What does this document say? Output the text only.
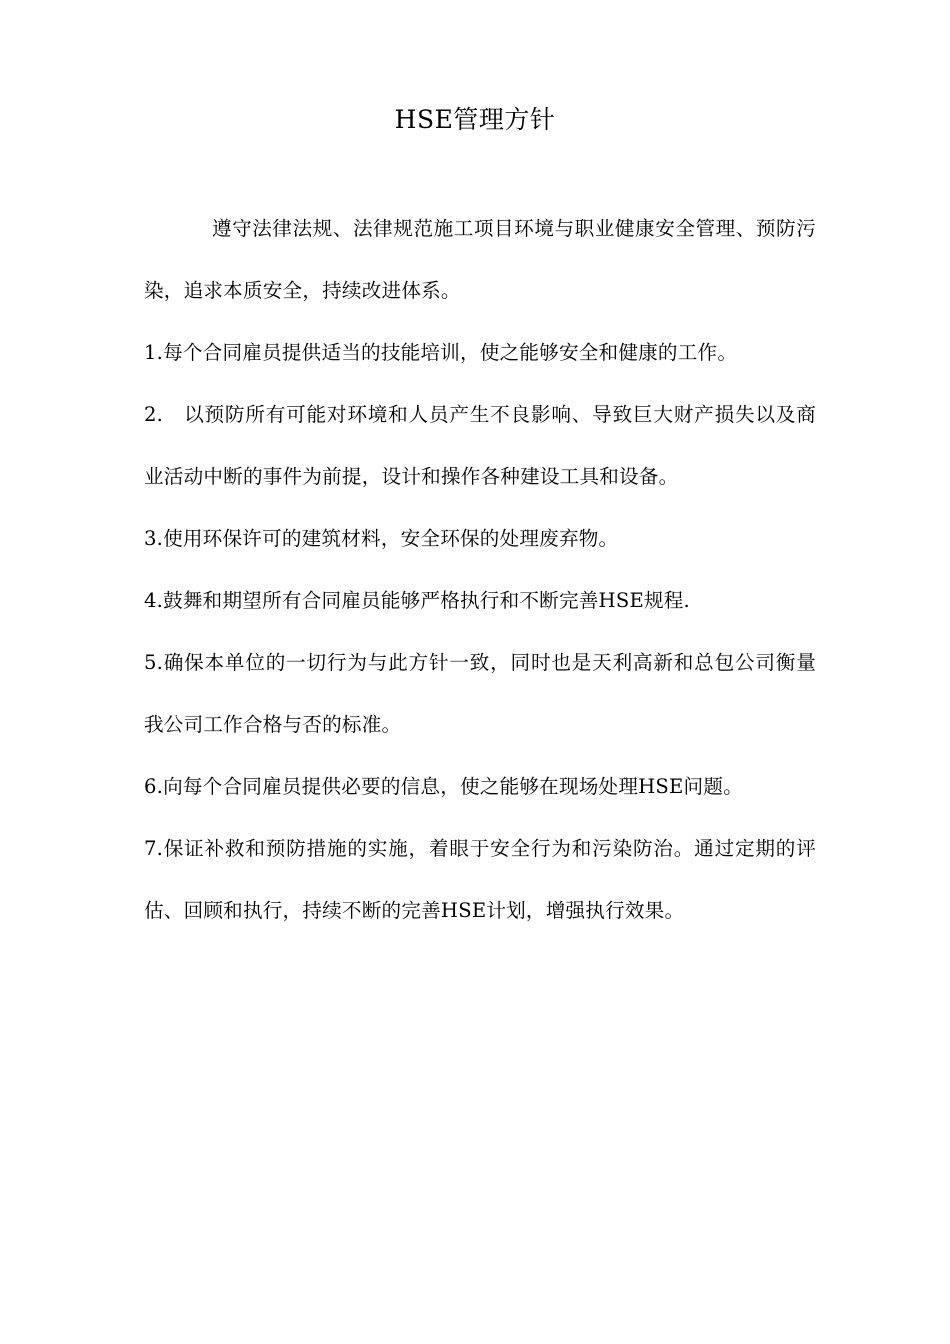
HSE管理方针

遵守法律法规、法律规范施工项目环境与职业健康安全管理、预防污染，追求本质安全，持续改进体系。

1.每个合同雇员提供适当的技能培训，使之能够安全和健康的工作。

2.　以预防所有可能对环境和人员产生不良影响、导致巨大财产损失以及商业活动中断的事件为前提，设计和操作各种建设工具和设备。

3.使用环保许可的建筑材料，安全环保的处理废弃物。

4.鼓舞和期望所有合同雇员能够严格执行和不断完善HSE规程.

5.确保本单位的一切行为与此方针一致，同时也是天利高新和总包公司衡量我公司工作合格与否的标准。

6.向每个合同雇员提供必要的信息，使之能够在现场处理HSE问题。

7.保证补救和预防措施的实施，着眼于安全行为和污染防治。通过定期的评估、回顾和执行，持续不断的完善HSE计划，增强执行效果。
